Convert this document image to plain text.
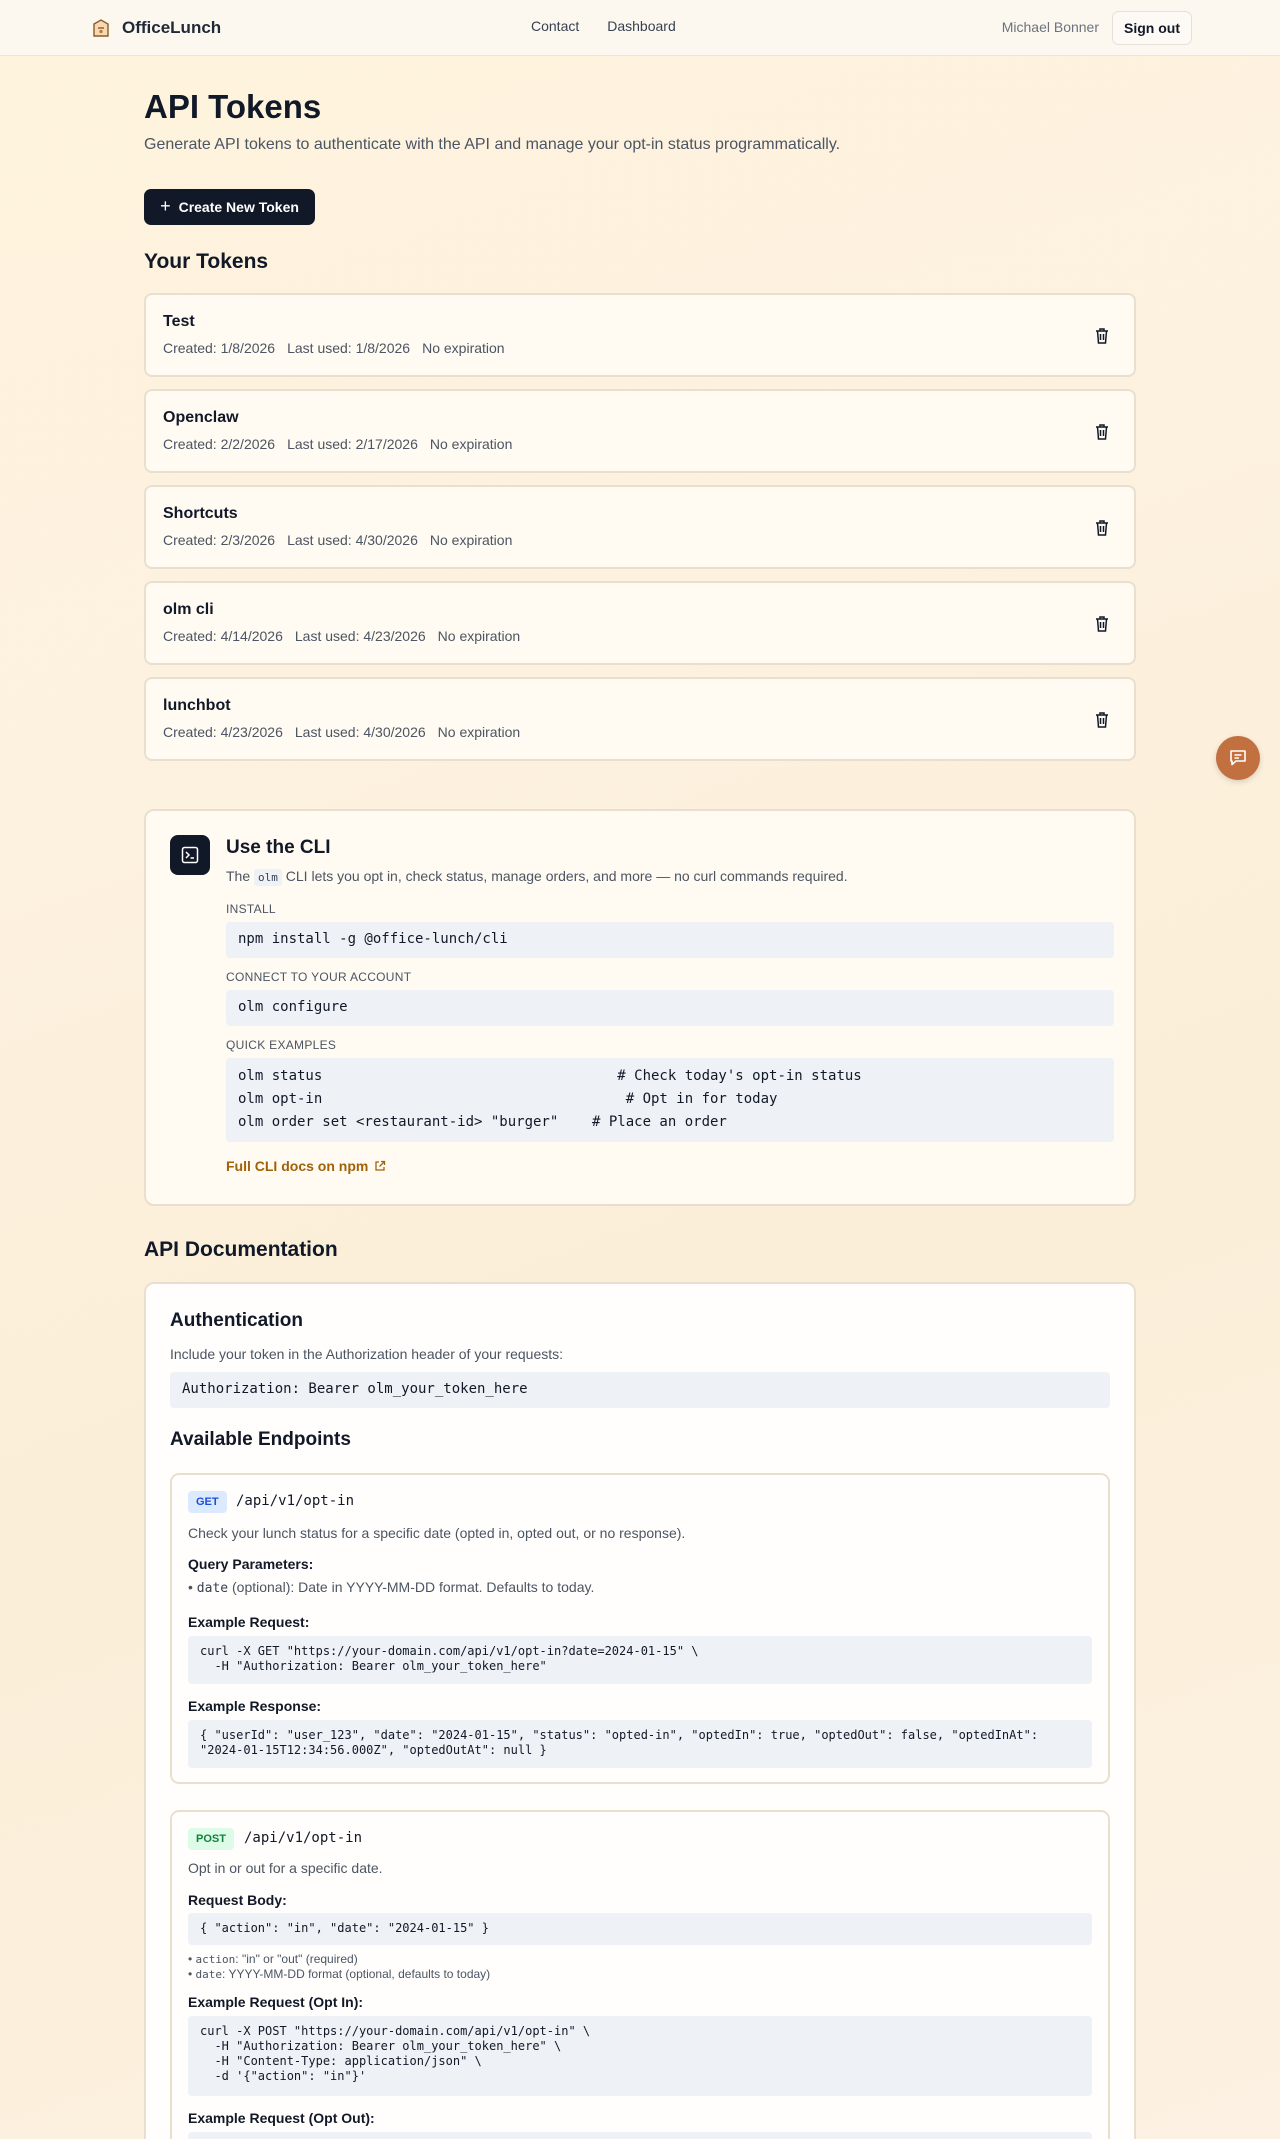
OfficeLunch	Contact Dashboard	Michael Bonner	Sign out
API Tokens
Generate API tokens to authenticate with the API and manage your opt-in status programmatically.
+ Create New Token
Your Tokens
Test
Created: 1/8/2026 Last used: 1/8/2026 No expiration
Openclaw
Created: 2/2/2026 Last used: 2/17/2026 No expiration
Shortcuts
Created: 2/3/2026 Last used: 4/30/2026 No expiration
olm cli
Created: 4/14/2026 Last used: 4/23/2026 No expiration
lunchbot
Created: 4/23/2026 Last used: 4/30/2026 No expiration
Use the CLI
The olm CLI lets you opt in, check status, manage orders, and more — no curl commands required.
INSTALL
npm install -g @office-lunch/cli
CONNECT TO YOUR ACCOUNT
olm configure
QUICK EXAMPLES
olm status                                   # Check today's opt-in status
olm opt-in                                    # Opt in for today
olm order set <restaurant-id> "burger"    # Place an order
Full CLI docs on npm
API Documentation
Authentication
Include your token in the Authorization header of your requests:
Authorization: Bearer olm_your_token_here
Available Endpoints
GET	/api/v1/opt-in
Check your lunch status for a specific date (opted in, opted out, or no response).
Query Parameters:
• date (optional): Date in YYYY-MM-DD format. Defaults to today.
Example Request:
curl -X GET "https://your-domain.com/api/v1/opt-in?date=2024-01-15" \
-H "Authorization: Bearer olm_your_token_here"
Example Response:
{ "userId": "user_123", "date": "2024-01-15", "status": "opted-in", "optedIn": true, "optedOut": false, "optedInAt":
"2024-01-15T12:34:56.000Z", "optedOutAt": null }
POST	/api/v1/opt-in
Opt in or out for a specific date.
Request Body:
{ "action": "in", "date": "2024-01-15" }
• action: "in" or "out" (required)
• date: YYYY-MM-DD format (optional, defaults to today)
Example Request (Opt In):
curl -X POST "https://your-domain.com/api/v1/opt-in" \
-H "Authorization: Bearer olm_your_token_here" \
-H "Content-Type: application/json" \
-d '{"action": "in"}'
Example Request (Opt Out):
